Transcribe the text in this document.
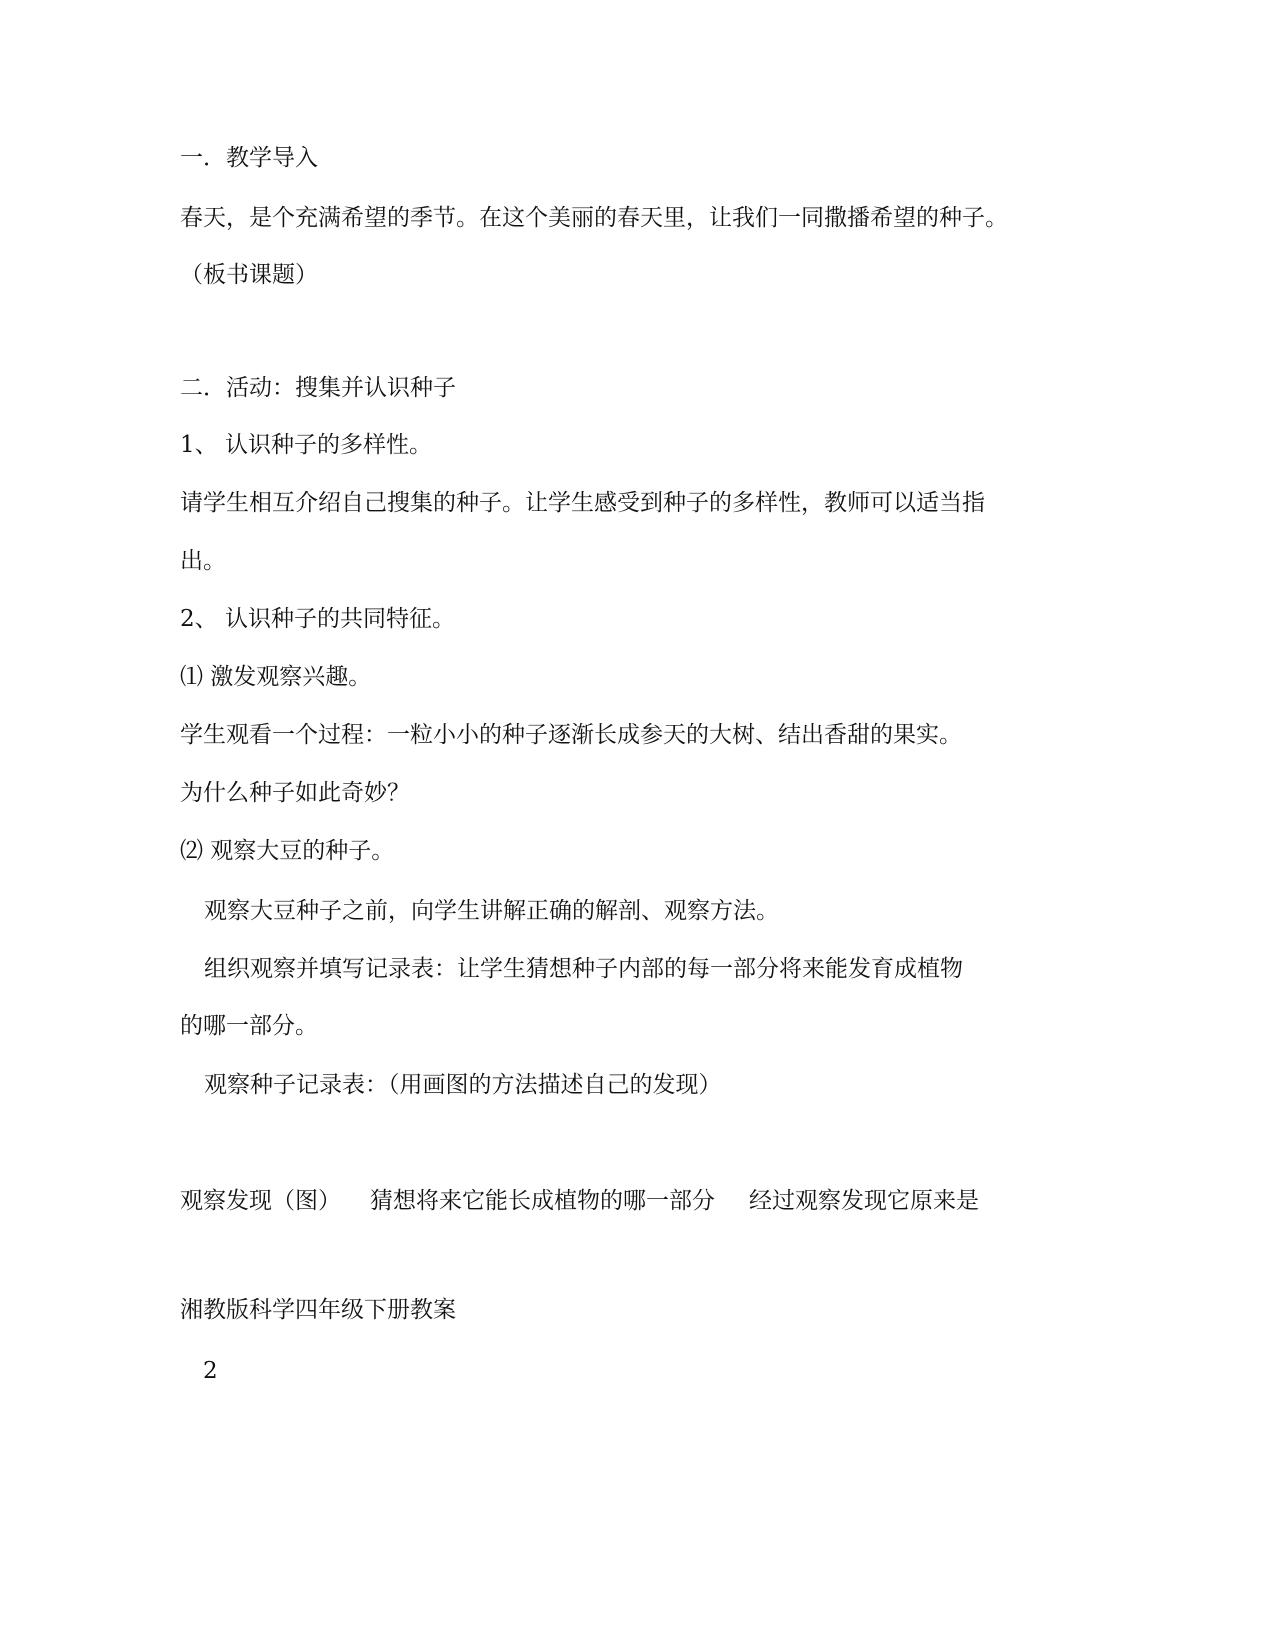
一．教学导入
春天，是个充满希望的季节。在这个美丽的春天里，让我们一同撒播希望的种子。
（板书课题）
二．活动：搜集并认识种子
1、 认识种子的多样性。
请学生相互介绍自己搜集的种子。让学生感受到种子的多样性，教师可以适当指
出。
2、 认识种子的共同特征。
⑴ 激发观察兴趣。
学生观看一个过程：一粒小小的种子逐渐长成参天的大树、结出香甜的果实。
为什么种子如此奇妙？
⑵ 观察大豆的种子。
观察大豆种子之前，向学生讲解正确的解剖、观察方法。
组织观察并填写记录表：让学生猜想种子内部的每一部分将来能发育成植物
的哪一部分。
观察种子记录表：（用画图的方法描述自己的发现）
观察发现（图） 猜想将来它能长成植物的哪一部分 经过观察发现它原来是
湘教版科学四年级下册教案
2
